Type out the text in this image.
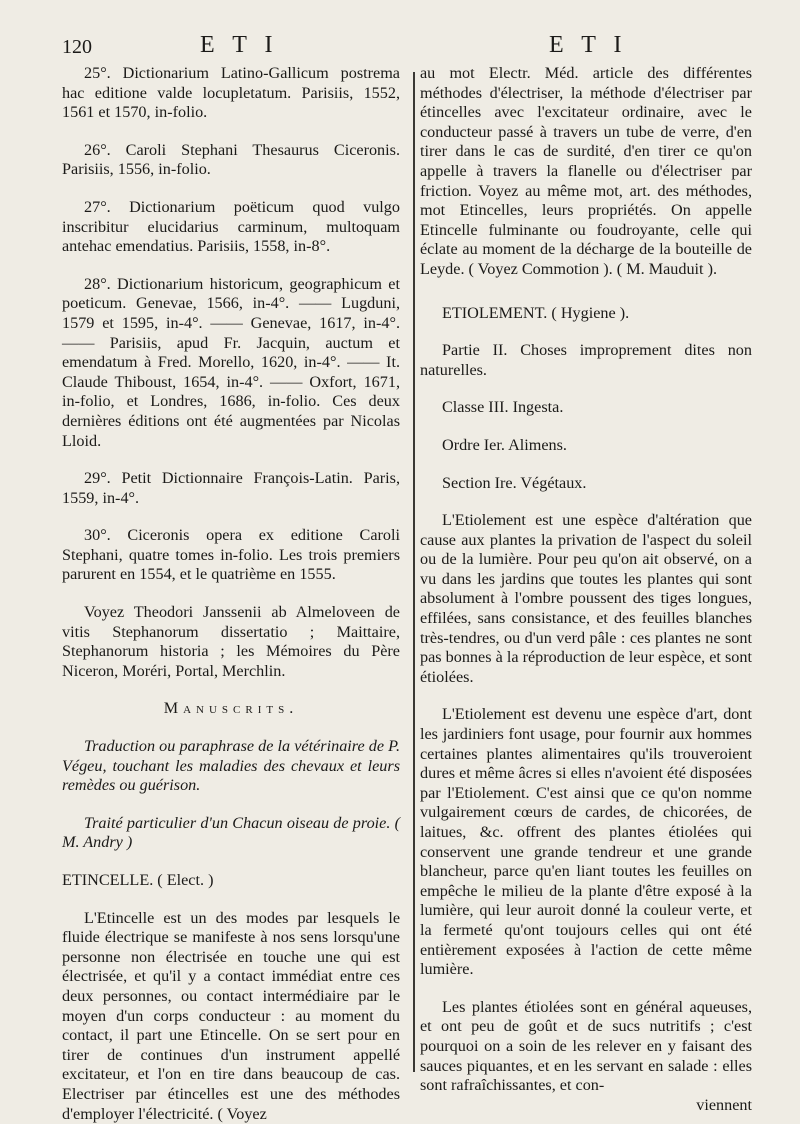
120	E T I	E T I

25°. Dictionarium Latino-Gallicum postrema hac editione valde locupletatum. Parisiis, 1552, 1561 et 1570, in-folio.

26°. Caroli Stephani Thesaurus Ciceronis. Parisiis, 1556, in-folio.

27°. Dictionarium poëticum quod vulgo inscribitur elucidarius carminum, multoquam antehac emendatius. Parisiis, 1558, in-8°.

28°. Dictionarium historicum, geographicum et poeticum. Genevae, 1566, in-4°. —— Lugduni, 1579 et 1595, in-4°. —— Genevae, 1617, in-4°. —— Parisiis, apud Fr. Jacquin, auctum et emendatum à Fred. Morello, 1620, in-4°. —— It. Claude Thiboust, 1654, in-4°. —— Oxfort, 1671, in-folio, et Londres, 1686, in-folio. Ces deux dernières éditions ont été augmentées par Nicolas Lloid.

29°. Petit Dictionnaire François-Latin. Paris, 1559, in-4°.

30°. Ciceronis opera ex editione Caroli Stephani, quatre tomes in-folio. Les trois premiers parurent en 1554, et le quatrième en 1555.

Voyez Theodori Janssenii ab Almeloveen de vitis Stephanorum dissertatio ; Maittaire, Stephanorum historia ; les Mémoires du Père Niceron, Moréri, Portal, Merchlin.

Manuscrits.

Traduction ou paraphrase de la vétérinaire de P. Végeu, touchant les maladies des chevaux et leurs remèdes ou guérison.

Traité particulier d'un Chacun oiseau de proie. ( M. Andry )

ETINCELLE. ( Elect. )

L'Etincelle est un des modes par lesquels le fluide électrique se manifeste à nos sens lorsqu'une personne non électrisée en touche une qui est électrisée, et qu'il y a contact immédiat entre ces deux personnes, ou contact intermédiaire par le moyen d'un corps conducteur : au moment du contact, il part une Etincelle. On se sert pour en tirer de continues d'un instrument appellé excitateur, et l'on en tire dans beaucoup de cas. Electriser par étincelles est une des méthodes d'employer l'électricité. ( Voyez

au mot Electr. Méd. article des différentes méthodes d'électriser, la méthode d'électriser par étincelles avec l'excitateur ordinaire, avec le conducteur passé à travers un tube de verre, d'en tirer dans le cas de surdité, d'en tirer ce qu'on appelle à travers la flanelle ou d'électriser par friction. Voyez au même mot, art. des méthodes, mot Etincelles, leurs propriétés. On appelle Etincelle fulminante ou foudroyante, celle qui éclate au moment de la décharge de la bouteille de Leyde. ( Voyez Commotion ). ( M. Mauduit ).

ETIOLEMENT. ( Hygiene ).

Partie II. Choses improprement dites non naturelles.

Classe III. Ingesta.

Ordre Ier. Alimens.

Section Ire. Végétaux.

L'Etiolement est une espèce d'altération que cause aux plantes la privation de l'aspect du soleil ou de la lumière. Pour peu qu'on ait observé, on a vu dans les jardins que toutes les plantes qui sont absolument à l'ombre poussent des tiges longues, effilées, sans consistance, et des feuilles blanches très-tendres, ou d'un verd pâle : ces plantes ne sont pas bonnes à la réproduction de leur espèce, et sont étiolées.

L'Etiolement est devenu une espèce d'art, dont les jardiniers font usage, pour fournir aux hommes certaines plantes alimentaires qu'ils trouveroient dures et même âcres si elles n'avoient été disposées par l'Etiolement. C'est ainsi que ce qu'on nomme vulgairement cœurs de cardes, de chicorées, de laitues, &c. offrent des plantes étiolées qui conservent une grande tendreur et une grande blancheur, parce qu'en liant toutes les feuilles on empêche le milieu de la plante d'être exposé à la lumière, qui leur auroit donné la couleur verte, et la fermeté qu'ont toujours celles qui ont été entièrement exposées à l'action de cette même lumière.

Les plantes étiolées sont en général aqueuses, et ont peu de goût et de sucs nutritifs ; c'est pourquoi on a soin de les relever en y faisant des sauces piquantes, et en les servant en salade : elles sont rafraîchissantes, et con-

viennent
